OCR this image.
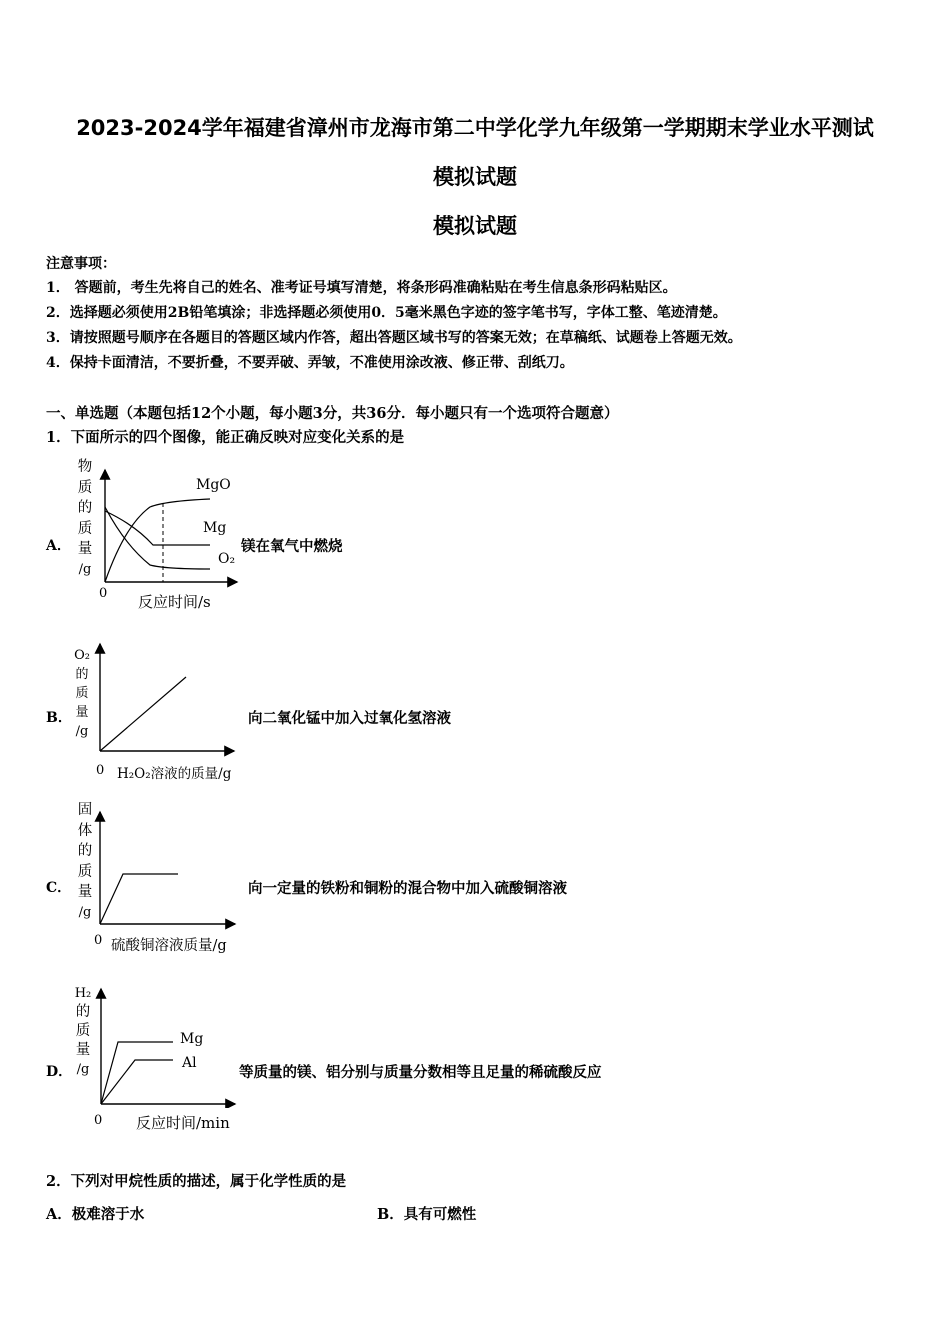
2023-2024学年福建省漳州市龙海市第二中学化学九年级第一学期期末学业水平测试
模拟试题
模拟试题
注意事项：
1． 答题前，考生先将自己的姓名、准考证号填写清楚，将条形码准确粘贴在考生信息条形码粘贴区。
2．选择题必须使用2B铅笔填涂；非选择题必须使用0．5毫米黑色字迹的签字笔书写，字体工整、笔迹清楚。
3．请按照题号顺序在各题目的答题区域内作答，超出答题区域书写的答案无效；在草稿纸、试题卷上答题无效。
4．保持卡面清洁，不要折叠，不要弄破、弄皱，不准使用涂改液、修正带、刮纸刀。
一、单选题（本题包括12个小题，每小题3分，共36分．每小题只有一个选项符合题意）
1．下面所示的四个图像，能正确反映对应变化关系的是
A．
物
质
的
质
量
/g
MgO
Mg
O₂
0 反应时间/s
镁在氧气中燃烧
B．
O₂
的
质
量
/g
0 H₂O₂溶液的质量/g
向二氧化锰中加入过氧化氢溶液
C．
固
体
的
质
量
/g
0 硫酸铜溶液质量/g
向一定量的铁粉和铜粉的混合物中加入硫酸铜溶液
D．
H₂
的
质
量
/g
Mg
Al
0 反应时间/min
等质量的镁、铝分别与质量分数相等且足量的稀硫酸反应
2．下列对甲烷性质的描述，属于化学性质的是
A．极难溶于水	B．具有可燃性
